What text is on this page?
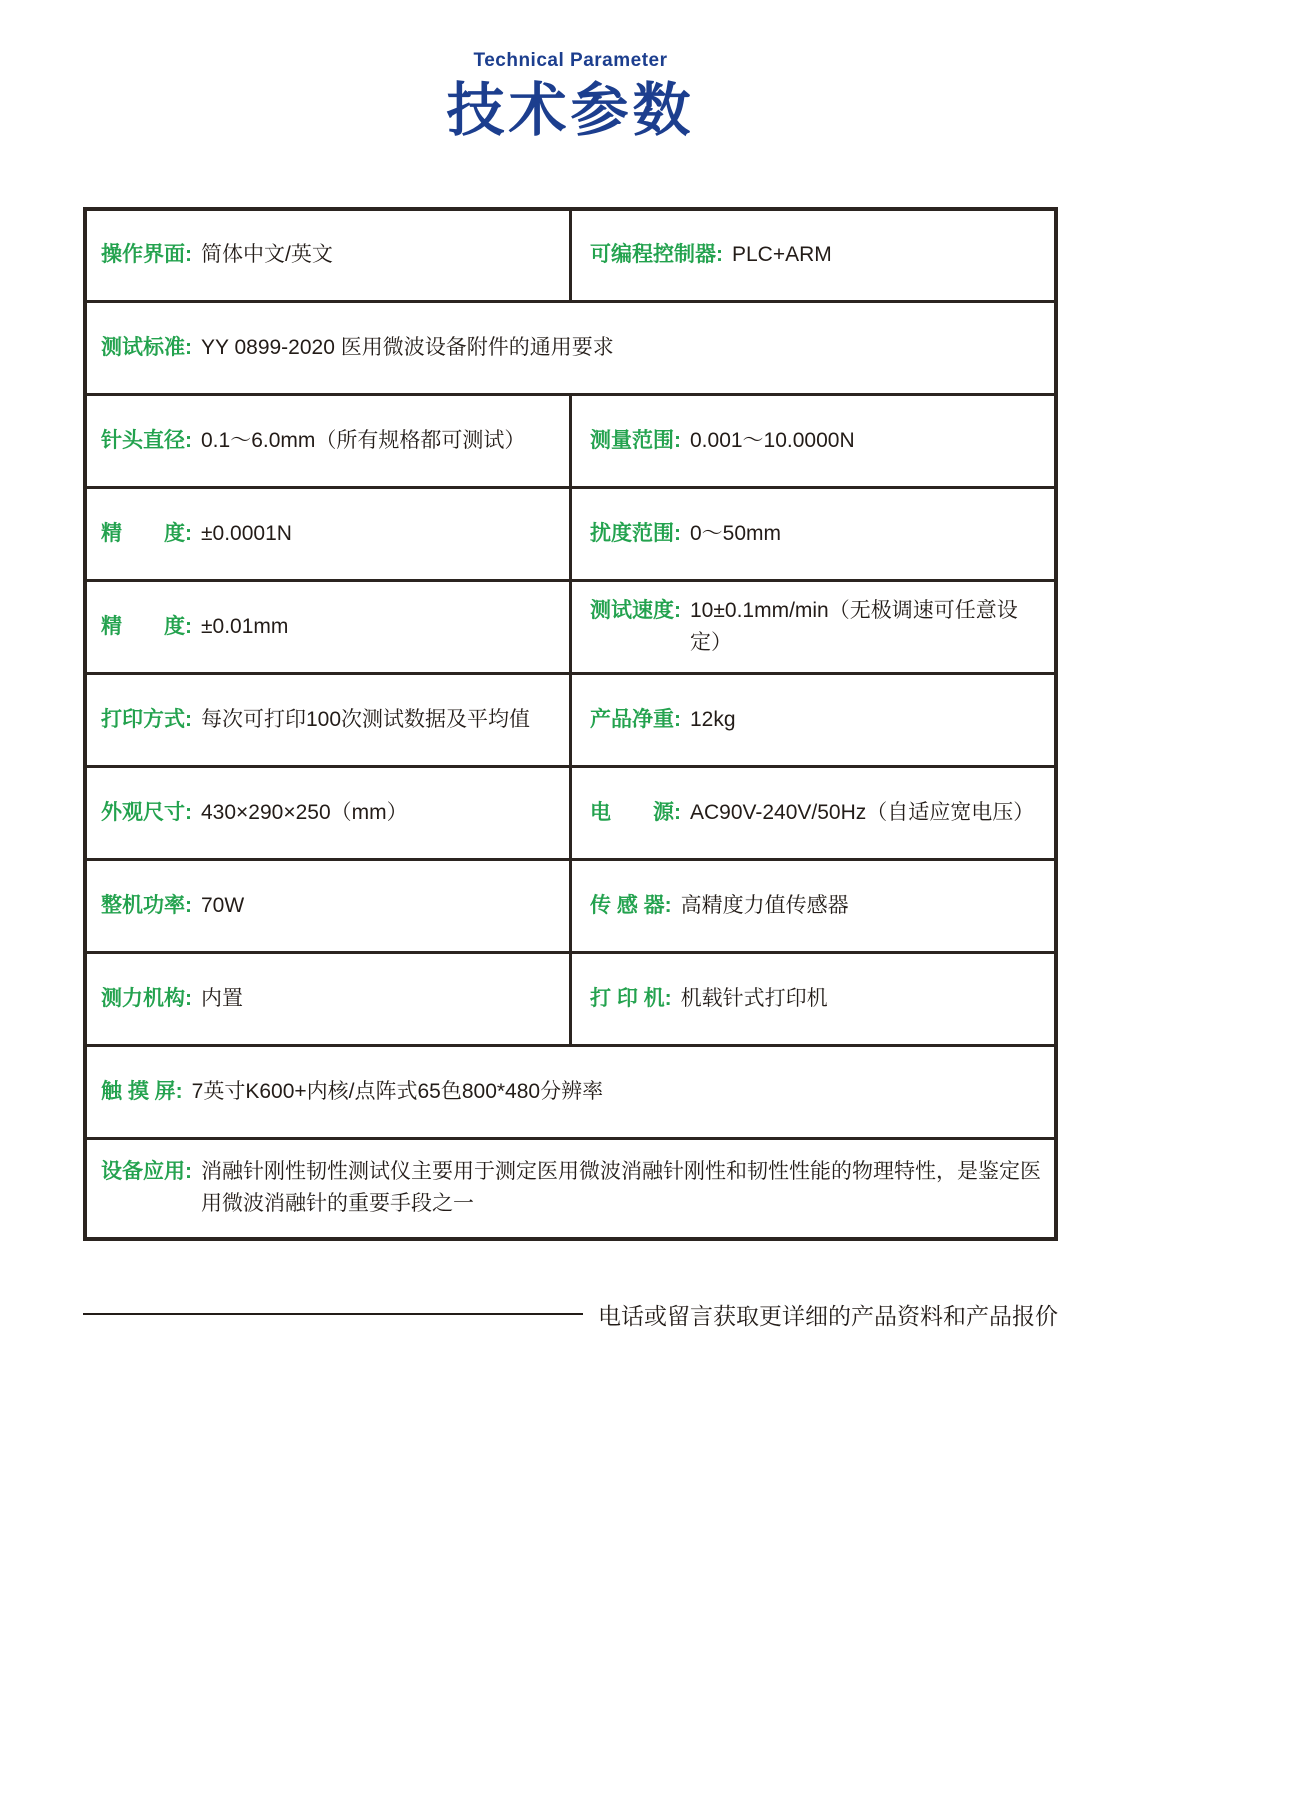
Technical Parameter
技术参数
操作界面: 简体中文/英文	可编程控制器: PLC+ARM

测试标准: YY 0899-2020 医用微波设备附件的通用要求	

针头直径: 0.1～6.0mm（所有规格都可测试）	测量范围: 0.001～10.0000N

精　　度: ±0.0001N	扰度范围: 0～50mm

精　　度: ±0.01mm	测试速度: 10±0.1mm/min（无极调速可任意设定）

打印方式: 每次可打印100次测试数据及平均值	产品净重: 12kg

外观尺寸: 430×290×250（mm）	电　　源: AC90V-240V/50Hz（自适应宽电压）

整机功率: 70W	传 感 器: 高精度力值传感器

测力机构: 内置	打 印 机: 机载针式打印机

触 摸 屏: 7英寸K600+内核/点阵式65色800*480分辨率	

设备应用: 消融针刚性韧性测试仪主要用于测定医用微波消融针刚性和韧性性能的物理特性，是鉴定医用微波消融针的重要手段之一	
电话或留言获取更详细的产品资料和产品报价
